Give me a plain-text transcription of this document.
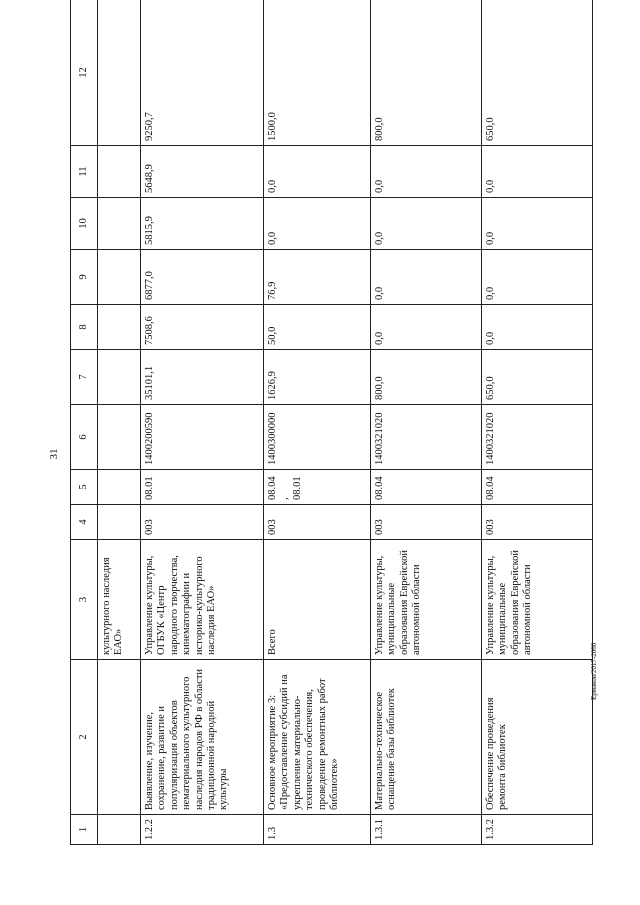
31
1	2	3	4	5	6	7	8	9	10	11	12
		культурного наследия ЕАО»									
1.2.2	Выявление, изучение, сохранение, развитие и популяризация объектов нематериального культурного наследия народов РФ в области традиционной народной культуры	Управление культуры, ОГБУК «Центр народного творчества, кинематографии и историко-культурного наследия ЕАО»	003	08.01	1400200590	35101,1	7508,6	6877,0	5815,9	5648,9	9250,7
1.3	Основное мероприятие 3: «Предоставление субсидий на укрепление материально-технического обеспечения, проведение ремонтных работ библиотек»	Всего	003	08.04, 08.01	1400300000	1626,9	50,0	76,9	0,0	0,0	1500,0
1.3.1	Материально-техническое оснащение базы библиотек	Управление культуры, муниципальные образования Еврейской автономной области	003	08.04	1400321020	800,0	0,0	0,0	0,0	0,0	800,0
1.3.2	Обеспечение проведения ремонта библиотек	Управление культуры, муниципальные образования Еврейской автономной области	003	08.04	1400321020	650,0	0,0	0,0	0,0	0,0	650,0
Ермаков/2017-2060
